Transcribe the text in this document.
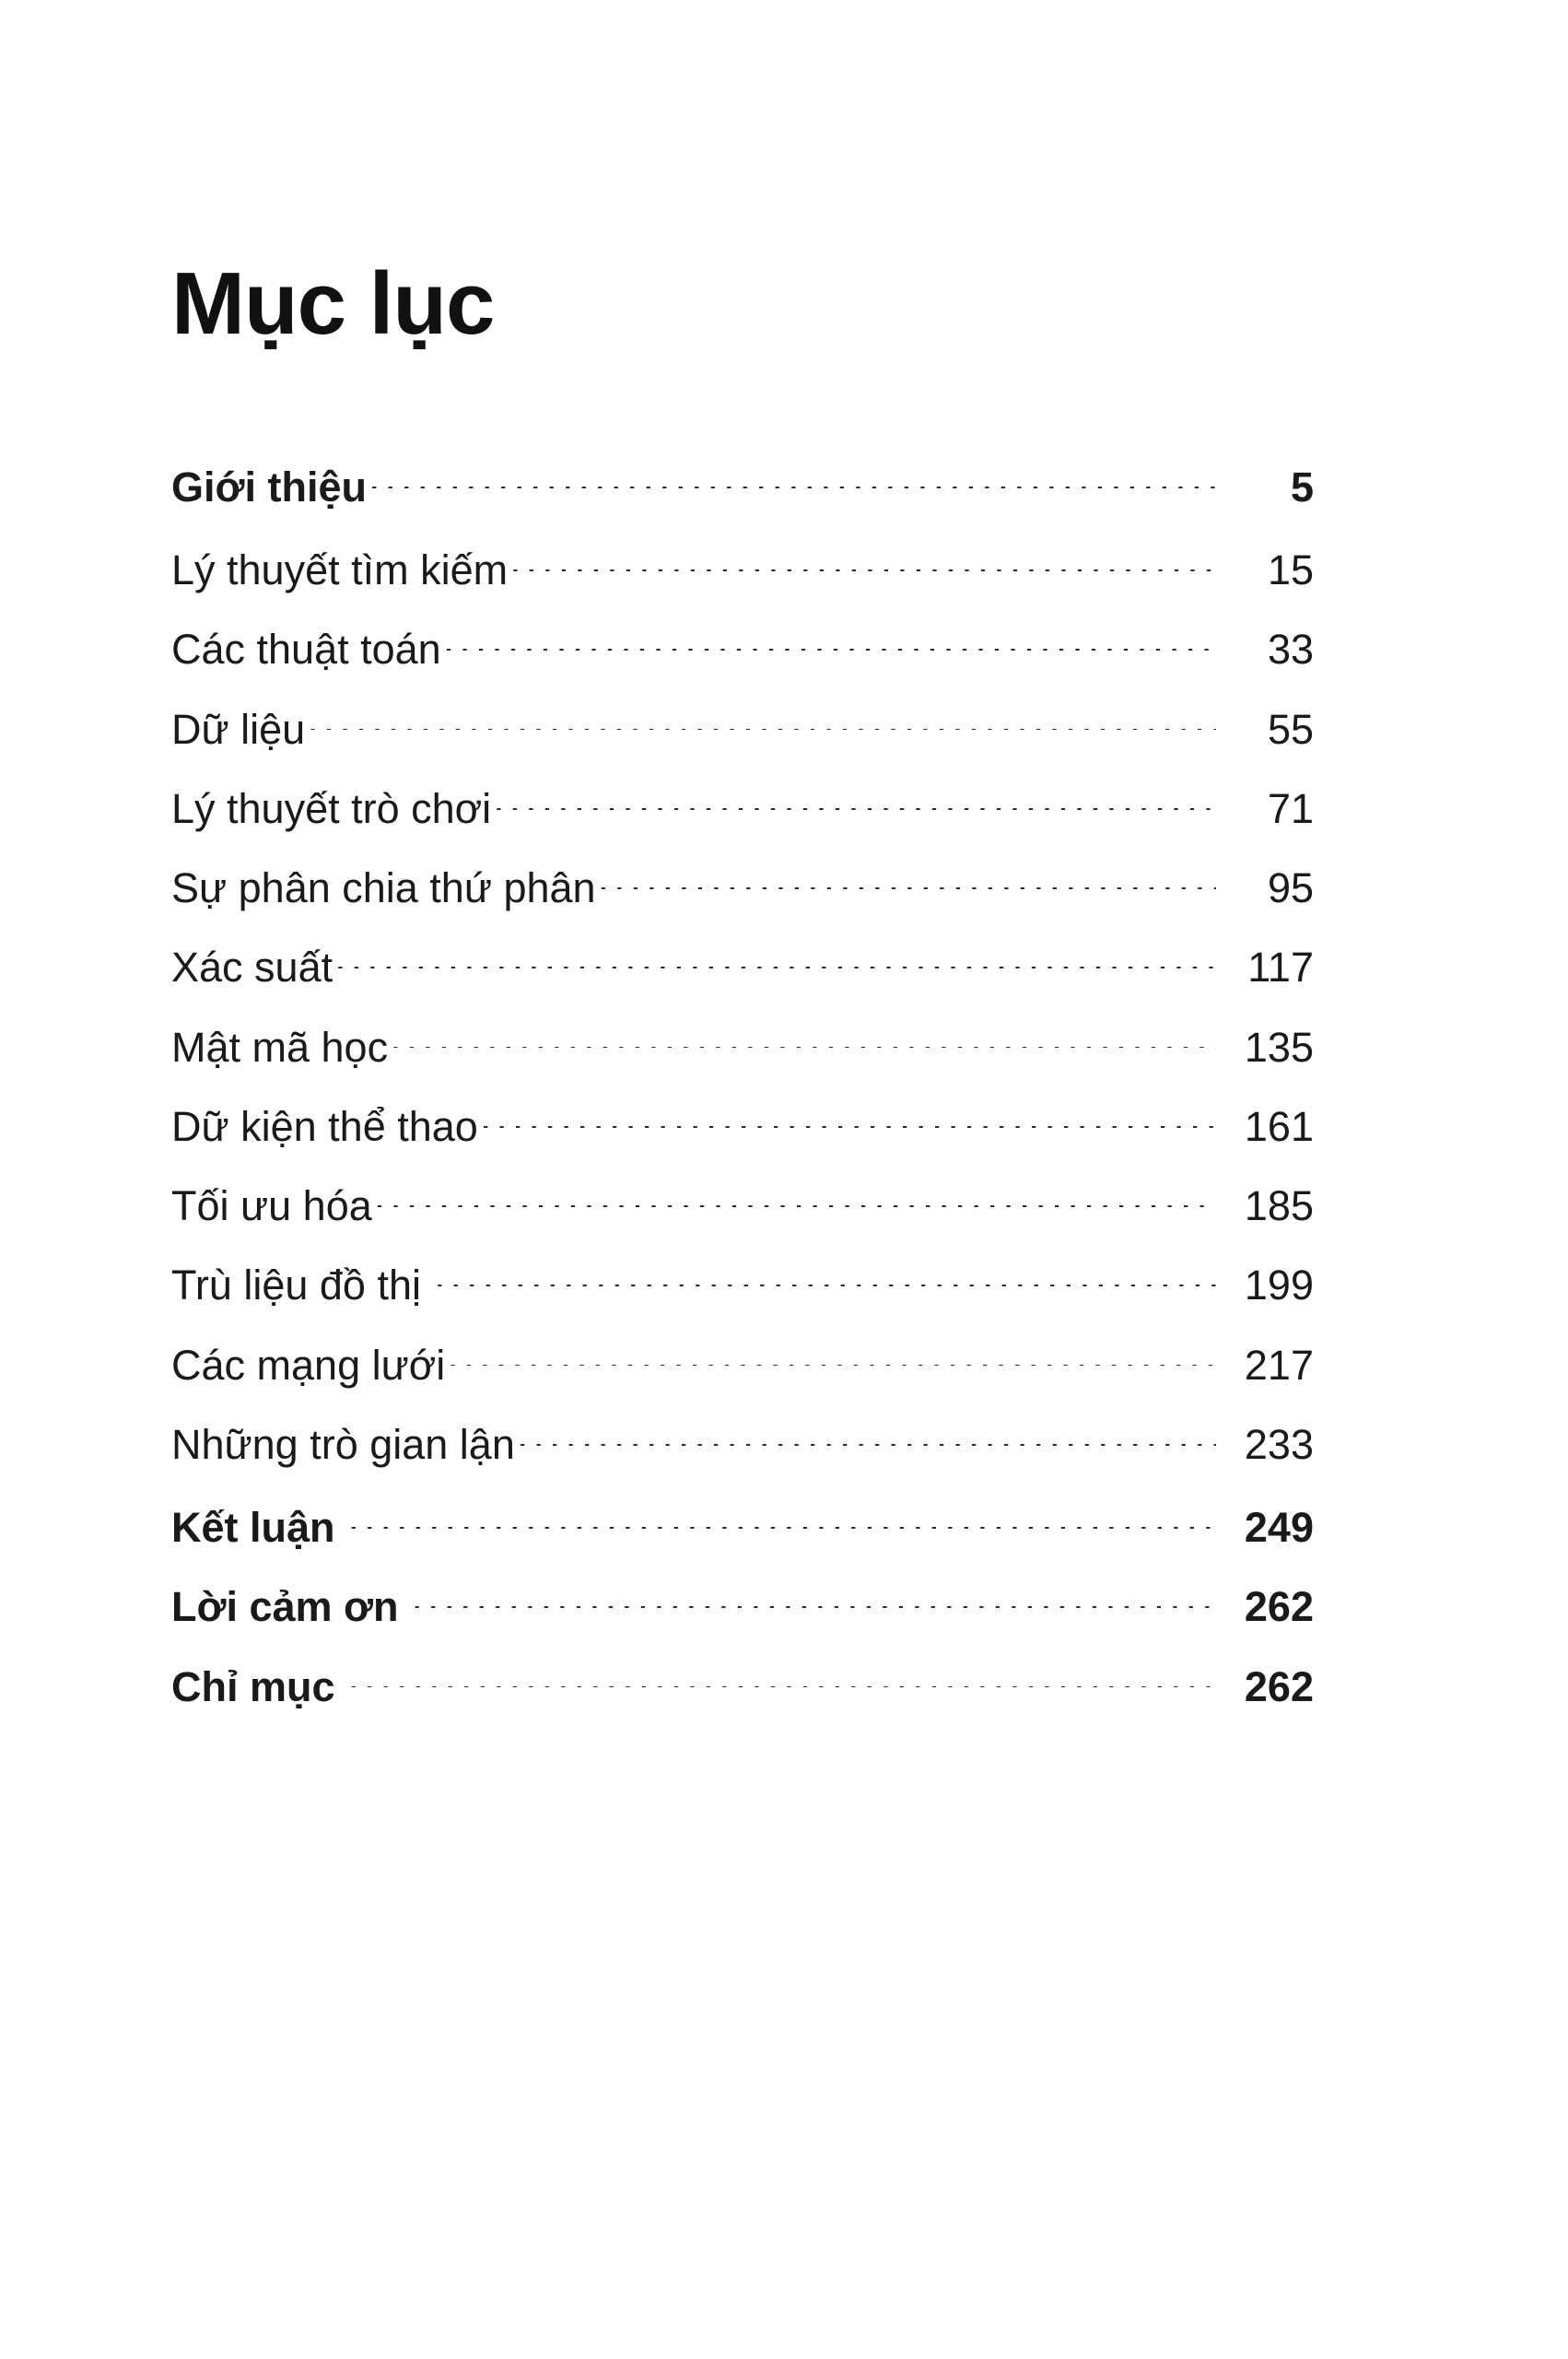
Mục lục
Giới thiệu .....	5
Lý thuyết tìm kiếm .....	15
Các thuật toán .....	33
Dữ liệu .....	55
Lý thuyết trò chơi .....	71
Sự phân chia thứ phân .....	95
Xác suất .....	117
Mật mã học .....	135
Dữ kiện thể thao .....	161
Tối ưu hóa .....	185
Trù liệu đồ thị .....	199
Các mạng lưới .....	217
Những trò gian lận .....	233
Kết luận .....	249
Lời cảm ơn .....	262
Chỉ mục .....	262
